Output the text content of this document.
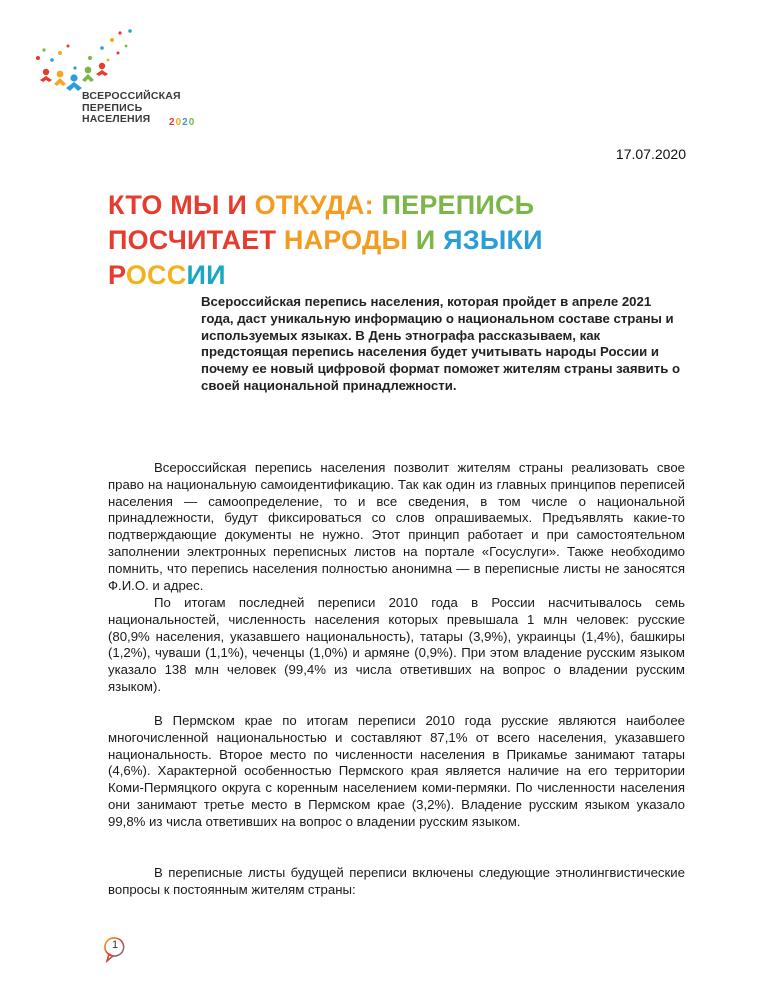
ВСЕРОССИЙСКАЯ
ПЕРЕПИСЬ
НАСЕЛЕНИЯ	2020
17.07.2020
КТО МЫ И ОТКУДА: ПЕРЕПИСЬ
ПОСЧИТАЕТ НАРОДЫ И ЯЗЫКИ
РОССИИ

Всероссийская перепись населения, которая пройдет в апреле 2021 года, даст уникальную информацию о национальном составе страны и используемых языках. В День этнографа рассказываем, как предстоящая перепись населения будет учитывать народы России и почему ее новый цифровой формат поможет жителям страны заявить о своей национальной принадлежности.

Всероссийская перепись населения позволит жителям страны реализовать свое право на национальную самоидентификацию. Так как один из главных принципов переписей населения — самоопределение, то и все сведения, в том числе о национальной принадлежности, будут фиксироваться со слов опрашиваемых. Предъявлять какие-то подтверждающие документы не нужно. Этот принцип работает и при самостоятельном заполнении электронных переписных листов на портале «Госуслуги». Также необходимо помнить, что перепись населения полностью анонимна — в переписные листы не заносятся Ф.И.О. и адрес.

По итогам последней переписи 2010 года в России насчитывалось семь национальностей, численность населения которых превышала 1 млн человек: русские (80,9% населения, указавшего национальность), татары (3,9%), украинцы (1,4%), башкиры (1,2%), чуваши (1,1%), чеченцы (1,0%) и армяне (0,9%). При этом владение русским языком указало 138 млн человек (99,4% из числа ответивших на вопрос о владении русским языком).

В Пермском крае по итогам переписи 2010 года русские являются наиболее многочисленной национальностью и составляют 87,1% от всего населения, указавшего национальность. Второе место по численности населения в Прикамье занимают татары (4,6%). Характерной особенностью Пермского края является наличие на его территории Коми-Пермяцкого округа с коренным населением коми-пермяки. По численности населения они занимают третье место в Пермском крае (3,2%). Владение русским языком указало 99,8% из числа ответивших на вопрос о владении русским языком.

В переписные листы будущей переписи включены следующие этнолингвистические вопросы к постоянным жителям страны:

1
